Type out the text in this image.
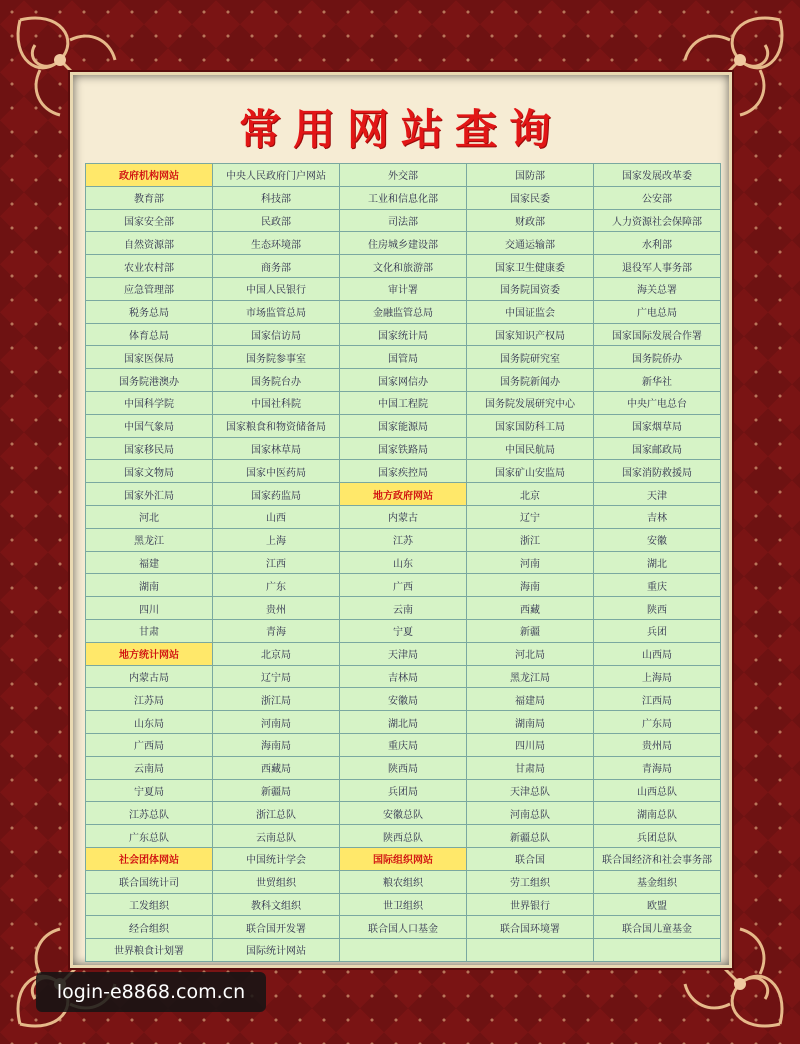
常用网站查询
政府机构网站	中央人民政府门户网站	外交部	国防部	国家发展改革委
教育部	科技部	工业和信息化部	国家民委	公安部
国家安全部	民政部	司法部	财政部	人力资源社会保障部
自然资源部	生态环境部	住房城乡建设部	交通运输部	水利部
农业农村部	商务部	文化和旅游部	国家卫生健康委	退役军人事务部
应急管理部	中国人民银行	审计署	国务院国资委	海关总署
税务总局	市场监管总局	金融监管总局	中国证监会	广电总局
体育总局	国家信访局	国家统计局	国家知识产权局	国家国际发展合作署
国家医保局	国务院参事室	国管局	国务院研究室	国务院侨办
国务院港澳办	国务院台办	国家网信办	国务院新闻办	新华社
中国科学院	中国社科院	中国工程院	国务院发展研究中心	中央广电总台
中国气象局	国家粮食和物资储备局	国家能源局	国家国防科工局	国家烟草局
国家移民局	国家林草局	国家铁路局	中国民航局	国家邮政局
国家文物局	国家中医药局	国家疾控局	国家矿山安监局	国家消防救援局
国家外汇局	国家药监局	地方政府网站	北京	天津
河北	山西	内蒙古	辽宁	吉林
黑龙江	上海	江苏	浙江	安徽
福建	江西	山东	河南	湖北
湖南	广东	广西	海南	重庆
四川	贵州	云南	西藏	陕西
甘肃	青海	宁夏	新疆	兵团
地方统计网站	北京局	天津局	河北局	山西局
内蒙古局	辽宁局	吉林局	黑龙江局	上海局
江苏局	浙江局	安徽局	福建局	江西局
山东局	河南局	湖北局	湖南局	广东局
广西局	海南局	重庆局	四川局	贵州局
云南局	西藏局	陕西局	甘肃局	青海局
宁夏局	新疆局	兵团局	天津总队	山西总队
江苏总队	浙江总队	安徽总队	河南总队	湖南总队
广东总队	云南总队	陕西总队	新疆总队	兵团总队
社会团体网站	中国统计学会	国际组织网站	联合国	联合国经济和社会事务部
联合国统计司	世贸组织	粮农组织	劳工组织	基金组织
工发组织	教科文组织	世卫组织	世界银行	欧盟
经合组织	联合国开发署	联合国人口基金	联合国环境署	联合国儿童基金
世界粮食计划署	国际统计网站			
login-e8868.com.cn
